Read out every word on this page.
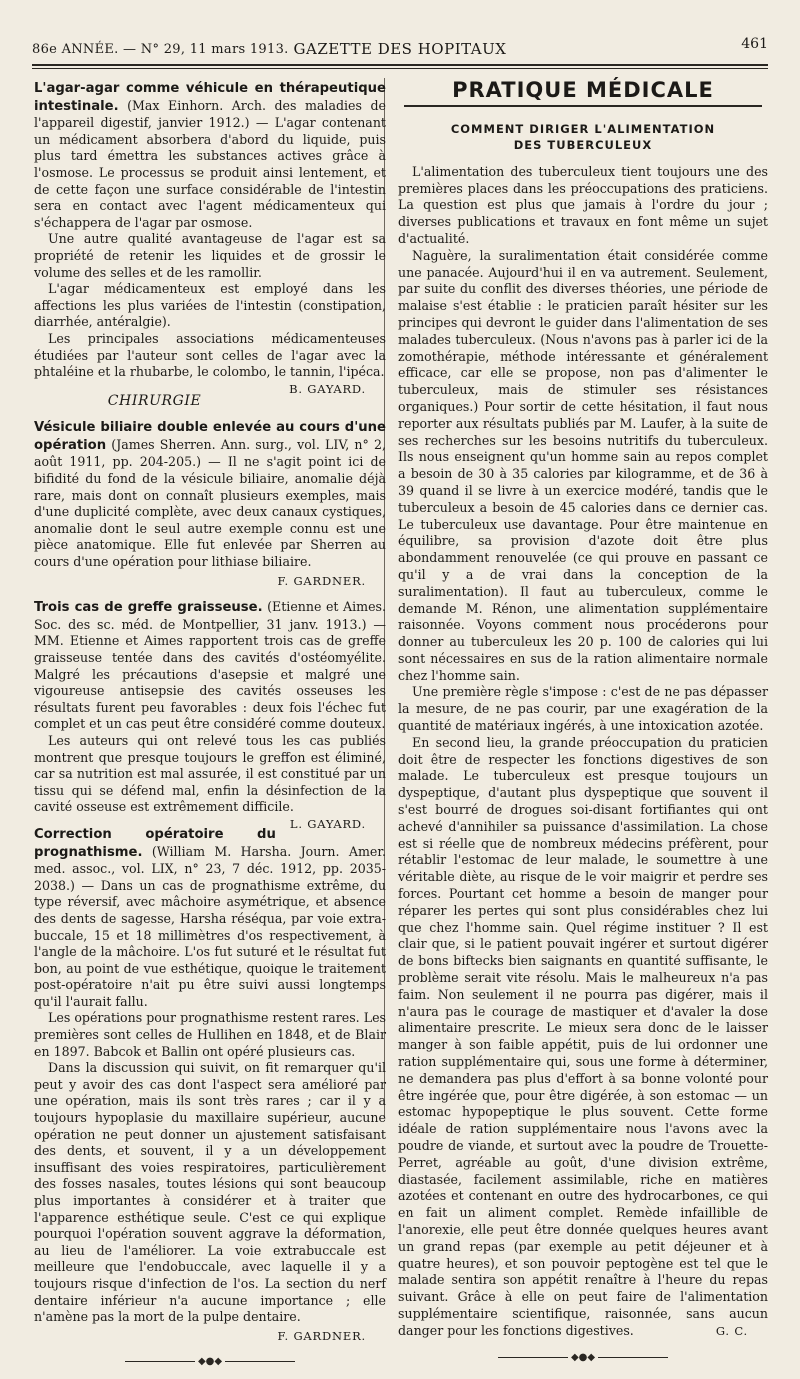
86e ANNÉE. — N° 29, 11 mars 1913. GAZETTE DES HOPITAUX	461

L'agar-agar comme véhicule en thérapeutique intestinale. (Max Einhorn. Arch. des maladies de l'appareil digestif, janvier 1912.) — L'agar contenant un médicament absorbera d'abord du liquide, puis plus tard émettra les substances actives grâce à l'osmose. Le processus se produit ainsi lentement, et de cette façon une surface considérable de l'intestin sera en contact avec l'agent médicamenteux qui s'échappera de l'agar par osmose.

Une autre qualité avantageuse de l'agar est sa propriété de retenir les liquides et de grossir le volume des selles et de les ramollir.

L'agar médicamenteux est employé dans les affections les plus variées de l'intestin (constipation, diarrhée, antéralgie).

Les principales associations médicamenteuses étudiées par l'auteur sont celles de l'agar avec la phtaléine et la rhubarbe, le colombo, le tannin, l'ipéca.
B. GAYARD.

CHIRURGIE

Vésicule biliaire double enlevée au cours d'une opération (James Sherren. Ann. surg., vol. LIV, n° 2, août 1911, pp. 204-205.) — Il ne s'agit point ici de bifidité du fond de la vésicule biliaire, anomalie déjà rare, mais dont on connaît plusieurs exemples, mais d'une duplicité complète, avec deux canaux cystiques, anomalie dont le seul autre exemple connu est une pièce anatomique. Elle fut enlevée par Sherren au cours d'une opération pour lithiase biliaire.

F. GARDNER.

Trois cas de greffe graisseuse. (Etienne et Aimes. Soc. des sc. méd. de Montpellier, 31 janv. 1913.) — MM. Etienne et Aimes rapportent trois cas de greffe graisseuse tentée dans des cavités d'ostéomyélite. Malgré les précautions d'asepsie et malgré une vigoureuse antisepsie des cavités osseuses les résultats furent peu favorables : deux fois l'échec fut complet et un cas peut être considéré comme douteux.

Les auteurs qui ont relevé tous les cas publiés montrent que presque toujours le greffon est éliminé, car sa nutrition est mal assurée, il est constitué par un tissu qui se défend mal, enfin la désinfection de la cavité osseuse est extrêmement difficile.
L. GAYARD.

Correction opératoire du prognathisme. (William M. Harsha. Journ. Amer. med. assoc., vol. LIX, n° 23, 7 déc. 1912, pp. 2035-2038.) — Dans un cas de prognathisme extrême, du type réversif, avec mâchoire asymétrique, et absence des dents de sagesse, Harsha réséqua, par voie extra-buccale, 15 et 18 millimètres d'os respectivement, à l'angle de la mâchoire. L'os fut suturé et le résultat fut bon, au point de vue esthétique, quoique le traitement post-opératoire n'ait pu être suivi aussi longtemps qu'il l'aurait fallu.

Les opérations pour prognathisme restent rares. Les premières sont celles de Hullihen en 1848, et de Blair en 1897. Babcok et Ballin ont opéré plusieurs cas.

Dans la discussion qui suivit, on fit remarquer qu'il peut y avoir des cas dont l'aspect sera amélioré par une opération, mais ils sont très rares ; car il y a toujours hypoplasie du maxillaire supérieur, aucune opération ne peut donner un ajustement satisfaisant des dents, et souvent, il y a un développement insuffisant des voies respiratoires, particulièrement des fosses nasales, toutes lésions qui sont beaucoup plus importantes à considérer et à traiter que l'apparence esthétique seule. C'est ce qui explique pourquoi l'opération souvent aggrave la déformation, au lieu de l'améliorer. La voie extrabuccale est meilleure que l'endobuccale, avec laquelle il y a toujours risque d'infection de l'os. La section du nerf dentaire inférieur n'a aucune importance ; elle n'amène pas la mort de la pulpe dentaire.

F. GARDNER.
◆●◆
PRATIQUE MÉDICALE
COMMENT DIRIGER L'ALIMENTATION
DES TUBERCULEUX

L'alimentation des tuberculeux tient toujours une des premières places dans les préoccupations des praticiens. La question est plus que jamais à l'ordre du jour ; diverses publications et travaux en font même un sujet d'actualité.

Naguère, la suralimentation était considérée comme une panacée. Aujourd'hui il en va autrement. Seulement, par suite du conflit des diverses théories, une période de malaise s'est établie : le praticien paraît hésiter sur les principes qui devront le guider dans l'alimentation de ses malades tuberculeux. (Nous n'avons pas à parler ici de la zomothérapie, méthode intéressante et généralement efficace, car elle se propose, non pas d'alimenter le tuberculeux, mais de stimuler ses résistances organiques.) Pour sortir de cette hésitation, il faut nous reporter aux résultats publiés par M. Laufer, à la suite de ses recherches sur les besoins nutritifs du tuberculeux. Ils nous enseignent qu'un homme sain au repos complet a besoin de 30 à 35 calories par kilogramme, et de 36 à 39 quand il se livre à un exercice modéré, tandis que le tuberculeux a besoin de 45 calories dans ce dernier cas. Le tuberculeux use davantage. Pour être maintenue en équilibre, sa provision d'azote doit être plus abondamment renouvelée (ce qui prouve en passant ce qu'il y a de vrai dans la conception de la suralimentation). Il faut au tuberculeux, comme le demande M. Rénon, une alimentation supplémentaire raisonnée. Voyons comment nous procéderons pour donner au tuberculeux les 20 p. 100 de calories qui lui sont nécessaires en sus de la ration alimentaire normale chez l'homme sain.

Une première règle s'impose : c'est de ne pas dépasser la mesure, de ne pas courir, par une exagération de la quantité de matériaux ingérés, à une intoxication azotée.

En second lieu, la grande préoccupation du praticien doit être de respecter les fonctions digestives de son malade. Le tuberculeux est presque toujours un dyspeptique, d'autant plus dyspeptique que souvent il s'est bourré de drogues soi-disant fortifiantes qui ont achevé d'annihiler sa puissance d'assimilation. La chose est si réelle que de nombreux médecins préfèrent, pour rétablir l'estomac de leur malade, le soumettre à une véritable diète, au risque de le voir maigrir et perdre ses forces. Pourtant cet homme a besoin de manger pour réparer les pertes qui sont plus considérables chez lui que chez l'homme sain. Quel régime instituer ? Il est clair que, si le patient pouvait ingérer et surtout digérer de bons biftecks bien saignants en quantité suffisante, le problème serait vite résolu. Mais le malheureux n'a pas faim. Non seulement il ne pourra pas digérer, mais il n'aura pas le courage de mastiquer et d'avaler la dose alimentaire prescrite. Le mieux sera donc de le laisser manger à son faible appétit, puis de lui ordonner une ration supplémentaire qui, sous une forme à déterminer, ne demandera pas plus d'effort à sa bonne volonté pour être ingérée que, pour être digérée, à son estomac — un estomac hypopeptique le plus souvent. Cette forme idéale de ration supplémentaire nous l'avons avec la poudre de viande, et surtout avec la poudre de Trouette-Perret, agréable au goût, d'une division extrême, diastasée, facilement assimilable, riche en matières azotées et contenant en outre des hydrocarbones, ce qui en fait un aliment complet. Remède infaillible de l'anorexie, elle peut être donnée quelques heures avant un grand repas (par exemple au petit déjeuner et à quatre heures), et son pouvoir peptogène est tel que le malade sentira son appétit renaître à l'heure du repas suivant. Grâce à elle on peut faire de l'alimentation supplémentaire scientifique, raisonnée, sans aucun danger pour les fonctions digestives.	G. C.

◆●◆
